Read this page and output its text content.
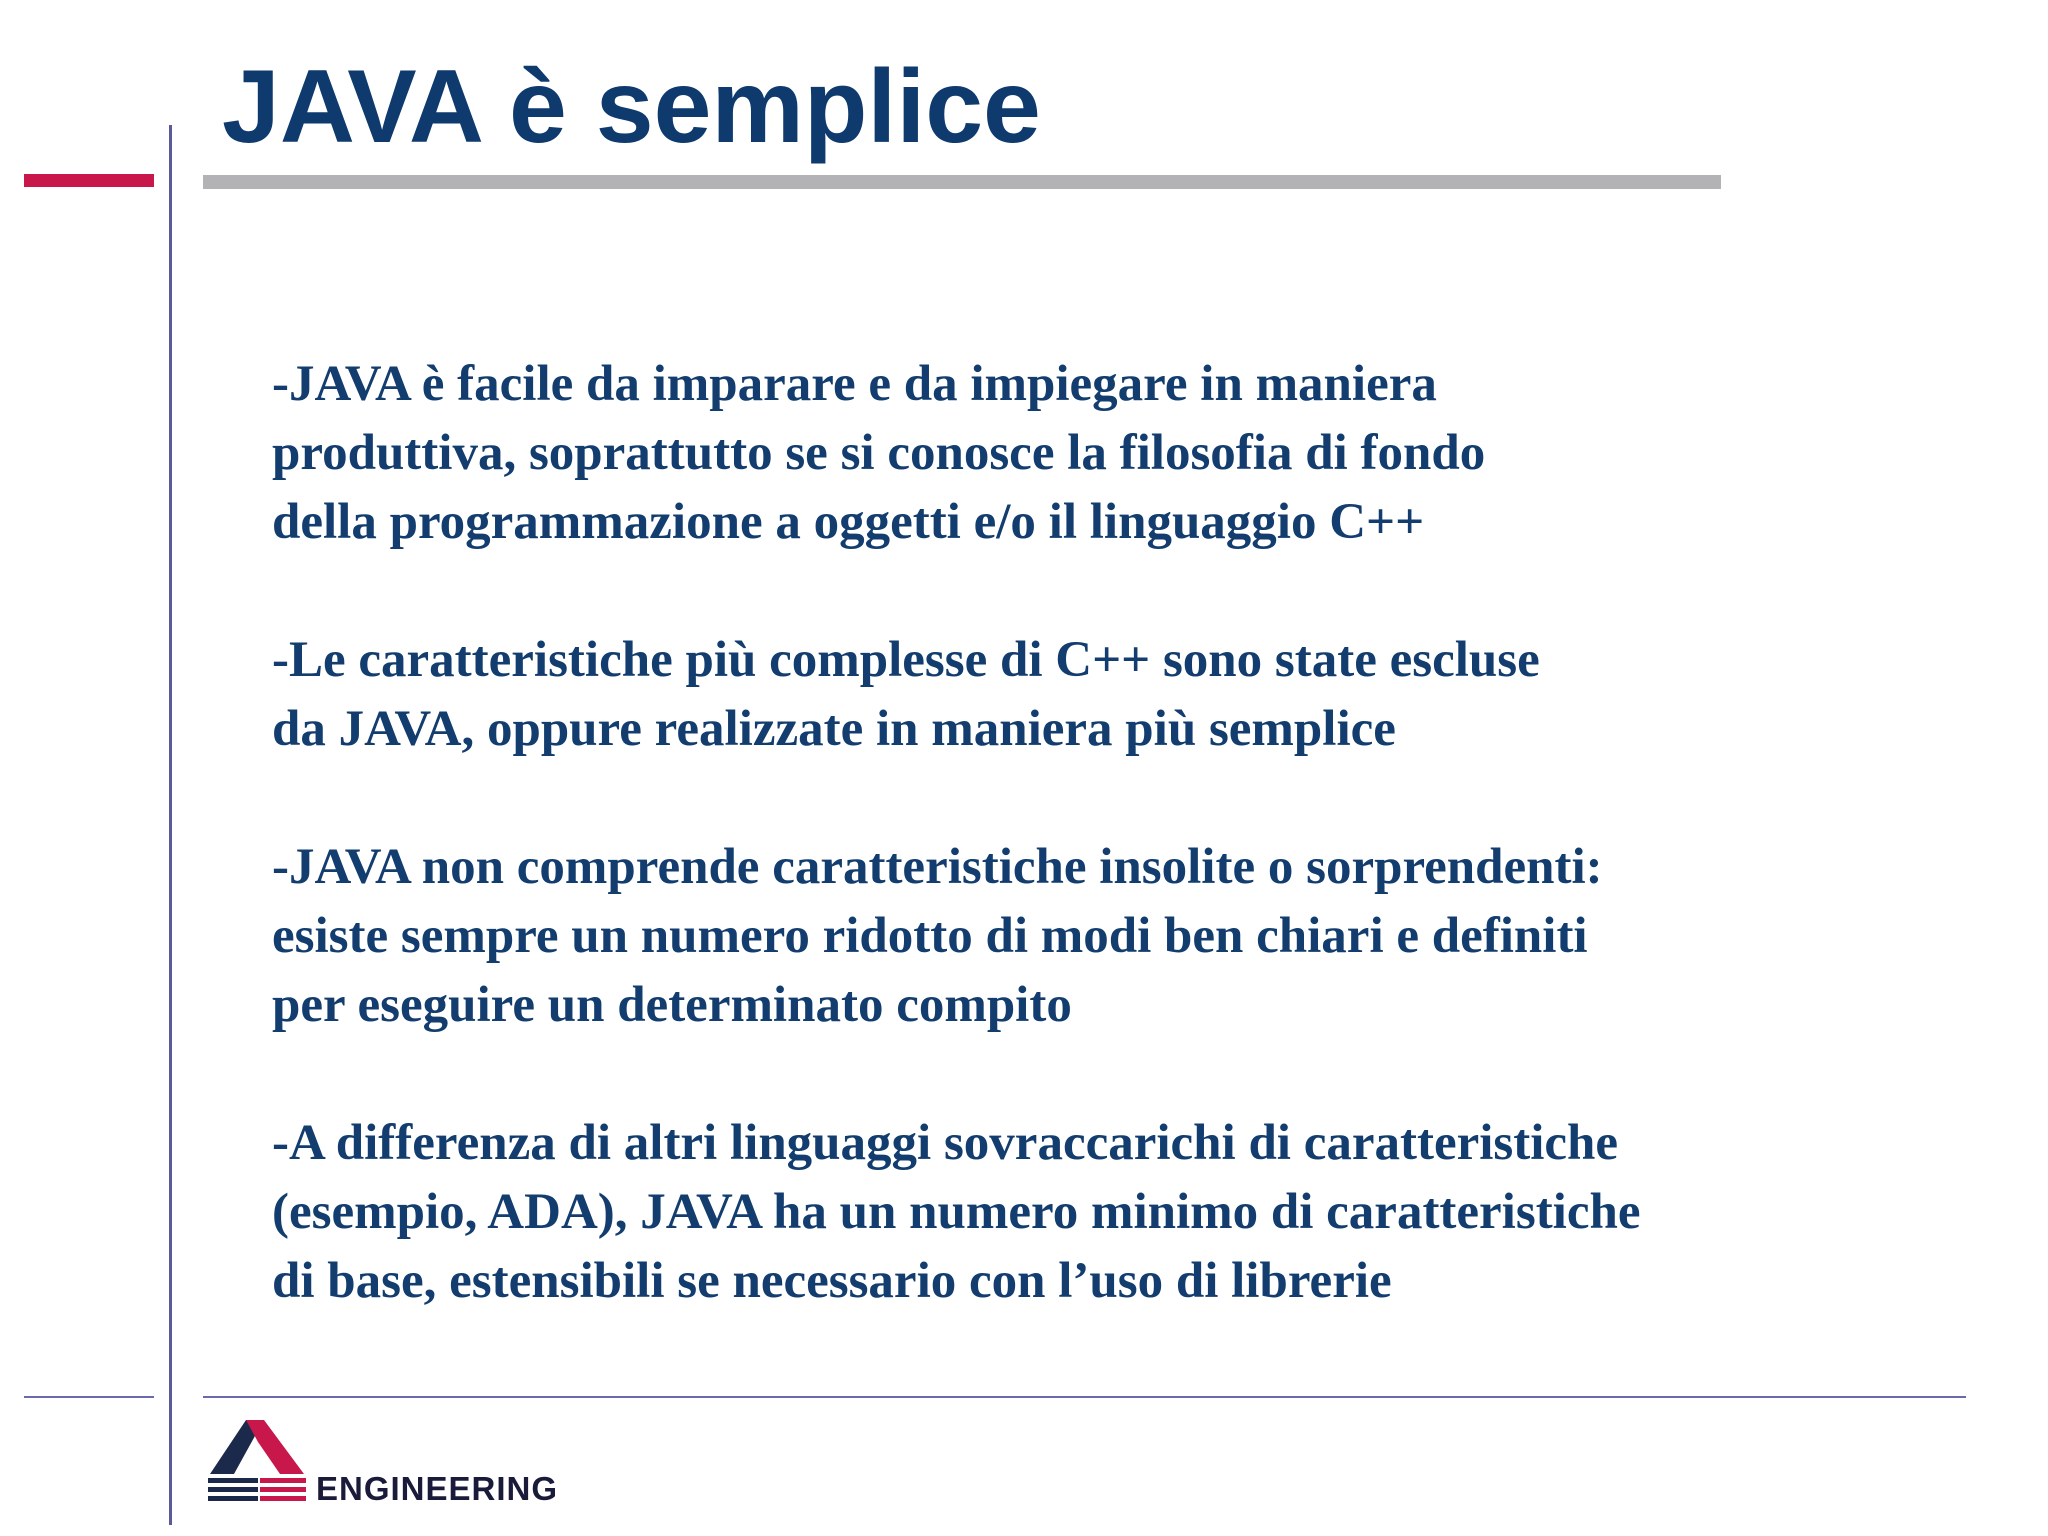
JAVA è semplice

-JAVA è facile da imparare e da impiegare in maniera
produttiva, soprattutto se si conosce la filosofia di fondo
della programmazione a oggetti e/o il linguaggio C++

-Le caratteristiche più complesse di C++ sono state escluse
da JAVA, oppure realizzate in maniera più semplice

-JAVA non comprende caratteristiche insolite o sorprendenti:
esiste sempre un numero ridotto di modi ben chiari e definiti
per eseguire un determinato compito

-A differenza di altri linguaggi sovraccarichi di caratteristiche
(esempio, ADA), JAVA ha un numero minimo di caratteristiche
di base, estensibili se necessario con l’uso di librerie

ENGINEERING
